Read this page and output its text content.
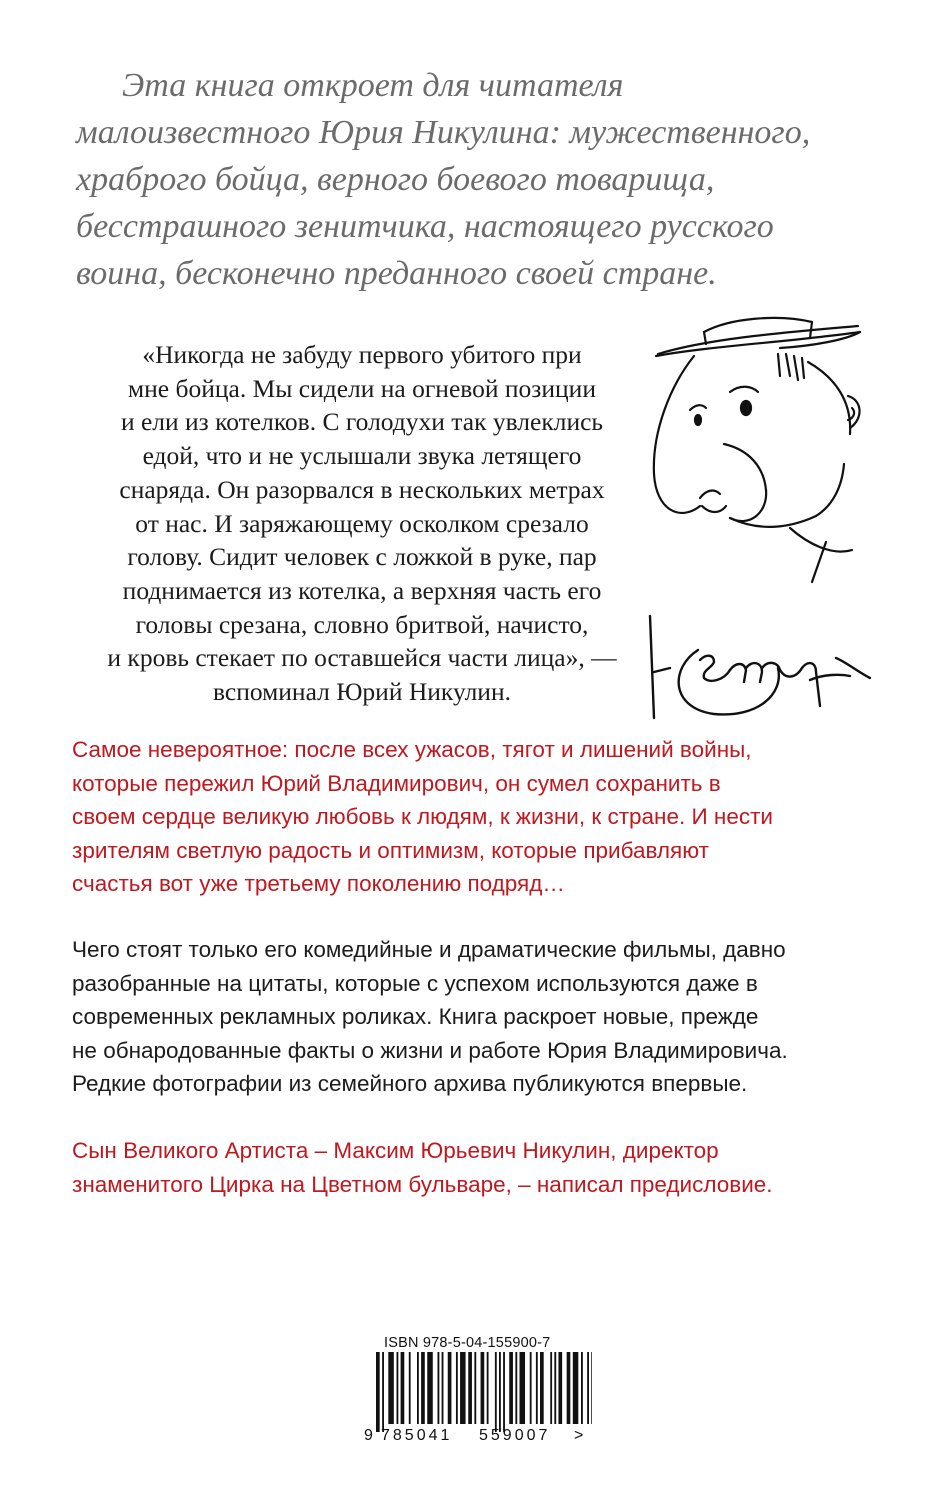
Эта книга откроет для читателя
малоизвестного Юрия Никулина: мужественного,
храброго бойца, верного боевого товарища,
бесстрашного зенитчика, настоящего русского
воина, бесконечно преданного своей стране.

«Никогда не забуду первого убитого при
мне бойца. Мы сидели на огневой позиции
и ели из котелков. С голодухи так увлеклись
едой, что и не услышали звука летящего
снаряда. Он разорвался в нескольких метрах
от нас. И заряжающему осколком срезало
голову. Сидит человек с ложкой в руке, пар
поднимается из котелка, а верхняя часть его
головы срезана, словно бритвой, начисто,
и кровь стекает по оставшейся части лица», —
вспоминал Юрий Никулин.
Самое невероятное: после всех ужасов, тягот и лишений войны,
которые пережил Юрий Владимирович, он сумел сохранить в
своем сердце великую любовь к людям, к жизни, к стране. И нести
зрителям светлую радость и оптимизм, которые прибавляют
счастья вот уже третьему поколению подряд…
Чего стоят только его комедийные и драматические фильмы, давно
разобранные на цитаты, которые с успехом используются даже в
современных рекламных роликах. Книга раскроет новые, прежде
не обнародованные факты о жизни и работе Юрия Владимировича.
Редкие фотографии из семейного архива публикуются впервые.
Сын Великого Артиста – Максим Юрьевич Никулин, директор
знаменитого Цирка на Цветном бульваре, – написал предисловие.

ISBN 978-5-04-155900-7

9 785041 559007 >
